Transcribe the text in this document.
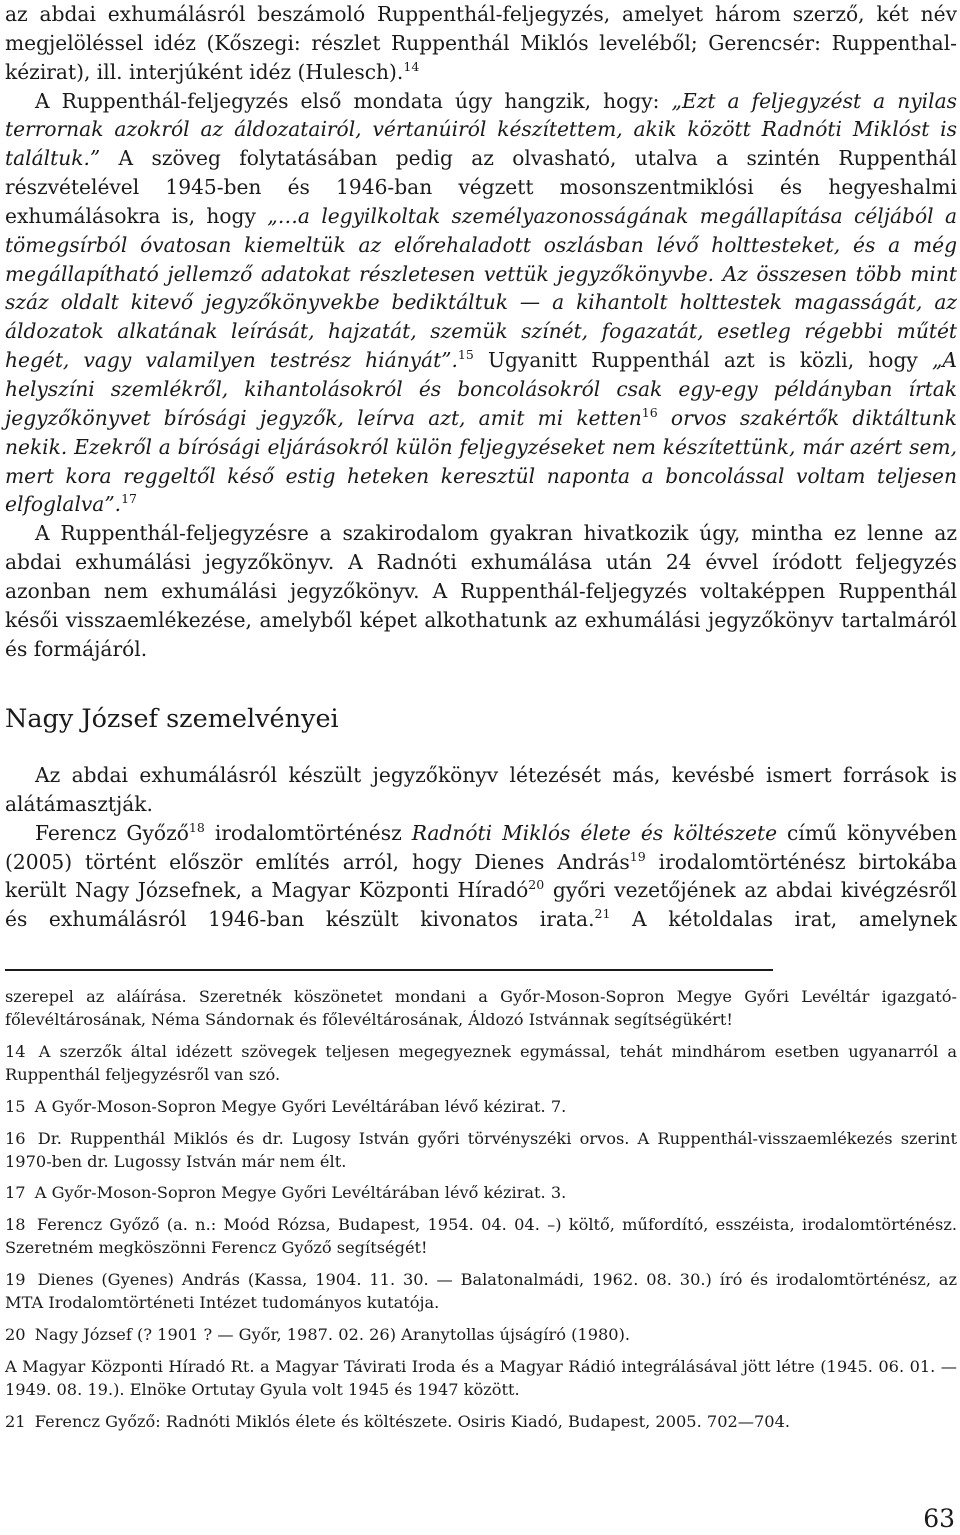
az abdai exhumálásról beszámoló Ruppenthál-feljegyzés, amelyet három szerző, két név megjelöléssel idéz (Kőszegi: részlet Ruppenthál Miklós leveléből; Gerencsér: Ruppenthal-kézirat), ill. interjúként idéz (Hulesch).$^{14}$

A Ruppenthál-feljegyzés első mondata úgy hangzik, hogy: „Ezt a feljegyzést a nyilas terrornak azokról az áldozatairól, vértanúiról készítettem, akik között Radnóti Miklóst is találtuk.” A szöveg folytatásában pedig az olvasható, utalva a szintén Ruppenthál részvételével 1945-ben és 1946-ban végzett mosonszentmiklósi és hegyeshalmi exhumálásokra is, hogy „…a legyilkoltak személyazonosságának megállapítása céljából a tömegsírból óvatosan kiemeltük az előrehaladott oszlásban lévő holttesteket, és a még megállapítható jellemző adatokat részletesen vettük jegyzőkönyvbe. Az összesen több mint száz oldalt kitevő jegyzőkönyvekbe bediktáltuk — a kihantolt holttestek magasságát, az áldozatok alkatának leírását, hajzatát, szemük színét, fogazatát, esetleg régebbi műtét hegét, vagy valamilyen testrész hiányát”.$^{15}$ Ugyanitt Ruppenthál azt is közli, hogy „A helyszíni szemlékről, kihantolásokról és boncolásokról csak egy-egy példányban írtak jegyzőkönyvet bírósági jegyzők, leírva azt, amit mi ketten$^{16}$ orvos szakértők diktáltunk nekik. Ezekről a bírósági eljárásokról külön feljegyzéseket nem készítettünk, már azért sem, mert kora reggeltől késő estig heteken keresztül naponta a boncolással voltam teljesen elfoglalva”.$^{17}$

A Ruppenthál-feljegyzésre a szakirodalom gyakran hivatkozik úgy, mintha ez lenne az abdai exhumálási jegyzőkönyv. A Radnóti exhumálása után 24 évvel íródott feljegyzés azonban nem exhumálási jegyzőkönyv. A Ruppenthál-feljegyzés voltaképpen Ruppenthál késői visszaemlékezése, amelyből képet alkothatunk az exhumálási jegyzőkönyv tartalmáról és formájáról.

Nagy József szemelvényei

Az abdai exhumálásról készült jegyzőkönyv létezését más, kevésbé ismert források is alátámasztják.

Ferencz Győző$^{18}$ irodalomtörténész Radnóti Miklós élete és költészete című könyvében (2005) történt először említés arról, hogy Dienes András$^{19}$ irodalomtörténész birtokába került Nagy Józsefnek, a Magyar Központi Híradó$^{20}$ győri vezetőjének az abdai kivégzésről és exhumálásról 1946-ban készült kivonatos irata.$^{21}$ A kétoldalas irat, amelynek

szerepel az aláírása. Szeretnék köszönetet mondani a Győr-Moson-Sopron Megye Győri Levéltár igazgató-főlevéltárosának, Néma Sándornak és főlevéltárosának, Áldozó Istvánnak segítségükért!

14 A szerzők által idézett szövegek teljesen megegyeznek egymással, tehát mindhárom esetben ugyanarról a Ruppenthál feljegyzésről van szó.

15 A Győr-Moson-Sopron Megye Győri Levéltárában lévő kézirat. 7.

16 Dr. Ruppenthál Miklós és dr. Lugosy István győri törvényszéki orvos. A Ruppenthál-visszaemlékezés szerint 1970-ben dr. Lugossy István már nem élt.

17 A Győr-Moson-Sopron Megye Győri Levéltárában lévő kézirat. 3.

18 Ferencz Győző (a. n.: Moód Rózsa, Budapest, 1954. 04. 04. –) költő, műfordító, esszéista, irodalomtörténész. Szeretném megköszönni Ferencz Győző segítségét!

19 Dienes (Gyenes) András (Kassa, 1904. 11. 30. — Balatonalmádi, 1962. 08. 30.) író és irodalomtörténész, az MTA Irodalomtörténeti Intézet tudományos kutatója.

20 Nagy József (? 1901 ? — Győr, 1987. 02. 26) Aranytollas újságíró (1980).

A Magyar Központi Híradó Rt. a Magyar Távirati Iroda és a Magyar Rádió integrálásával jött létre (1945. 06. 01. — 1949. 08. 19.). Elnöke Ortutay Gyula volt 1945 és 1947 között.

21 Ferencz Győző: Radnóti Miklós élete és költészete. Osiris Kiadó, Budapest, 2005. 702—704.

63
